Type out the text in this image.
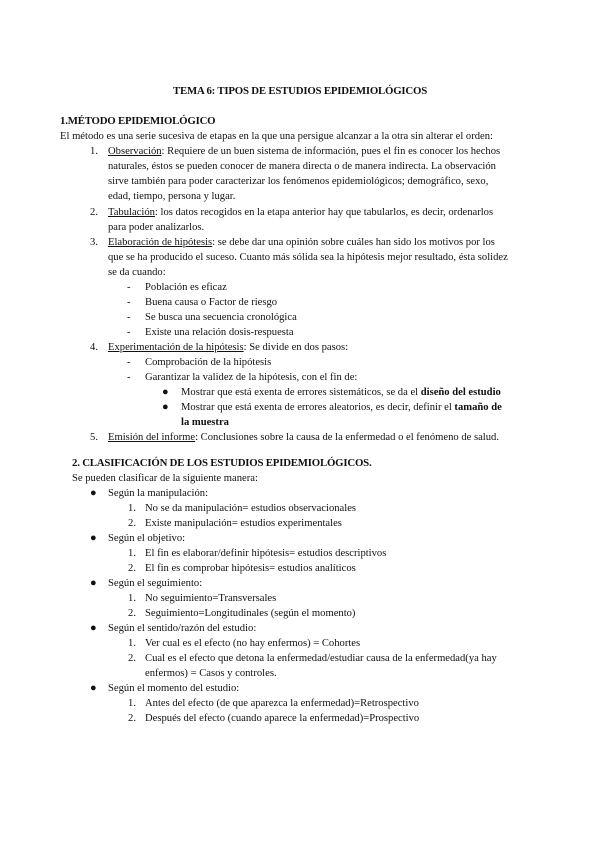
TEMA 6: TIPOS DE ESTUDIOS EPIDEMIOLÓGICOS
1.MÉTODO EPIDEMIOLÓGICO
El método es una serie sucesiva de etapas en la que una persigue alcanzar a la otra sin alterar el orden:
1. Observación: Requiere de un buen sistema de información, pues el fin es conocer los hechos
naturales, éstos se pueden conocer de manera directa o de manera indirecta. La observación
sirve también para poder caracterizar los fenómenos epidemiológicos; demográfico, sexo,
edad, tiempo, persona y lugar.
2. Tabulación: los datos recogidos en la etapa anterior hay que tabularlos, es decir, ordenarlos
para poder analizarlos.
3. Elaboración de hipótesis: se debe dar una opinión sobre cuáles han sido los motivos por los
que se ha producido el suceso. Cuanto más sólida sea la hipótesis mejor resultado, ésta solidez
se da cuando:
- Población es eficaz
- Buena causa o Factor de riesgo
- Se busca una secuencia cronológica
- Existe una relación dosis-respuesta
4. Experimentación de la hipótesis: Se divide en dos pasos:
- Comprobación de la hipótesis
- Garantizar la validez de la hipótesis, con el fin de:
● Mostrar que está exenta de errores sistemáticos, se da el diseño del estudio
● Mostrar que está exenta de errores aleatorios, es decir, definir el tamaño de
la muestra
5. Emisión del informe: Conclusiones sobre la causa de la enfermedad o el fenómeno de salud.
2. CLASIFICACIÓN DE LOS ESTUDIOS EPIDEMIOLÓGICOS.
Se pueden clasificar de la siguiente manera:
● Según la manipulación:
1. No se da manipulación= estudios observacionales
2. Existe manipulación= estudios experimentales
● Según el objetivo:
1. El fin es elaborar/definir hipótesis= estudios descriptivos
2. El fin es comprobar hipótesis= estudios analíticos
● Según el seguimiento:
1. No seguimiento=Transversales
2. Seguimiento=Longitudinales (según el momento)
● Según el sentido/razón del estudio:
1. Ver cual es el efecto (no hay enfermos) = Cohortes
2. Cual es el efecto que detona la enfermedad/estudiar causa de la enfermedad(ya hay
enfermos) = Casos y controles.
● Según el momento del estudio:
1. Antes del efecto (de que aparezca la enfermedad)=Retrospectivo
2. Después del efecto (cuando aparece la enfermedad)=Prospectivo
